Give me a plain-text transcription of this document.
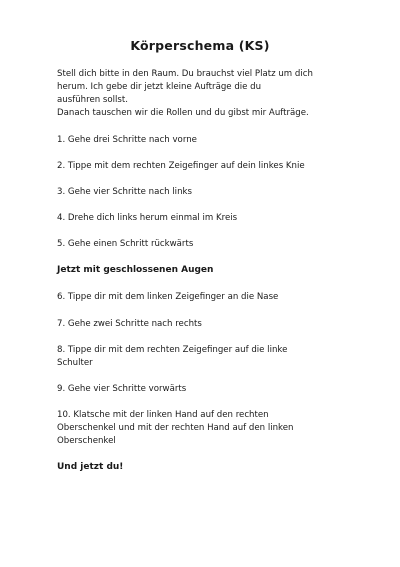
Körperschema (KS)
Stell dich bitte in den Raum. Du brauchst viel Platz um dich
herum. Ich gebe dir jetzt kleine Aufträge die du
ausführen sollst.
Danach tauschen wir die Rollen und du gibst mir Aufträge.
1. Gehe drei Schritte nach vorne
2. Tippe mit dem rechten Zeigefinger auf dein linkes Knie
3. Gehe vier Schritte nach links
4. Drehe dich links herum einmal im Kreis
5. Gehe einen Schritt rückwärts
Jetzt mit geschlossenen Augen
6. Tippe dir mit dem linken Zeigefinger an die Nase
7. Gehe zwei Schritte nach rechts
8. Tippe dir mit dem rechten Zeigefinger auf die linke
Schulter
9. Gehe vier Schritte vorwärts
10. Klatsche mit der linken Hand auf den rechten
Oberschenkel und mit der rechten Hand auf den linken
Oberschenkel
Und jetzt du!
